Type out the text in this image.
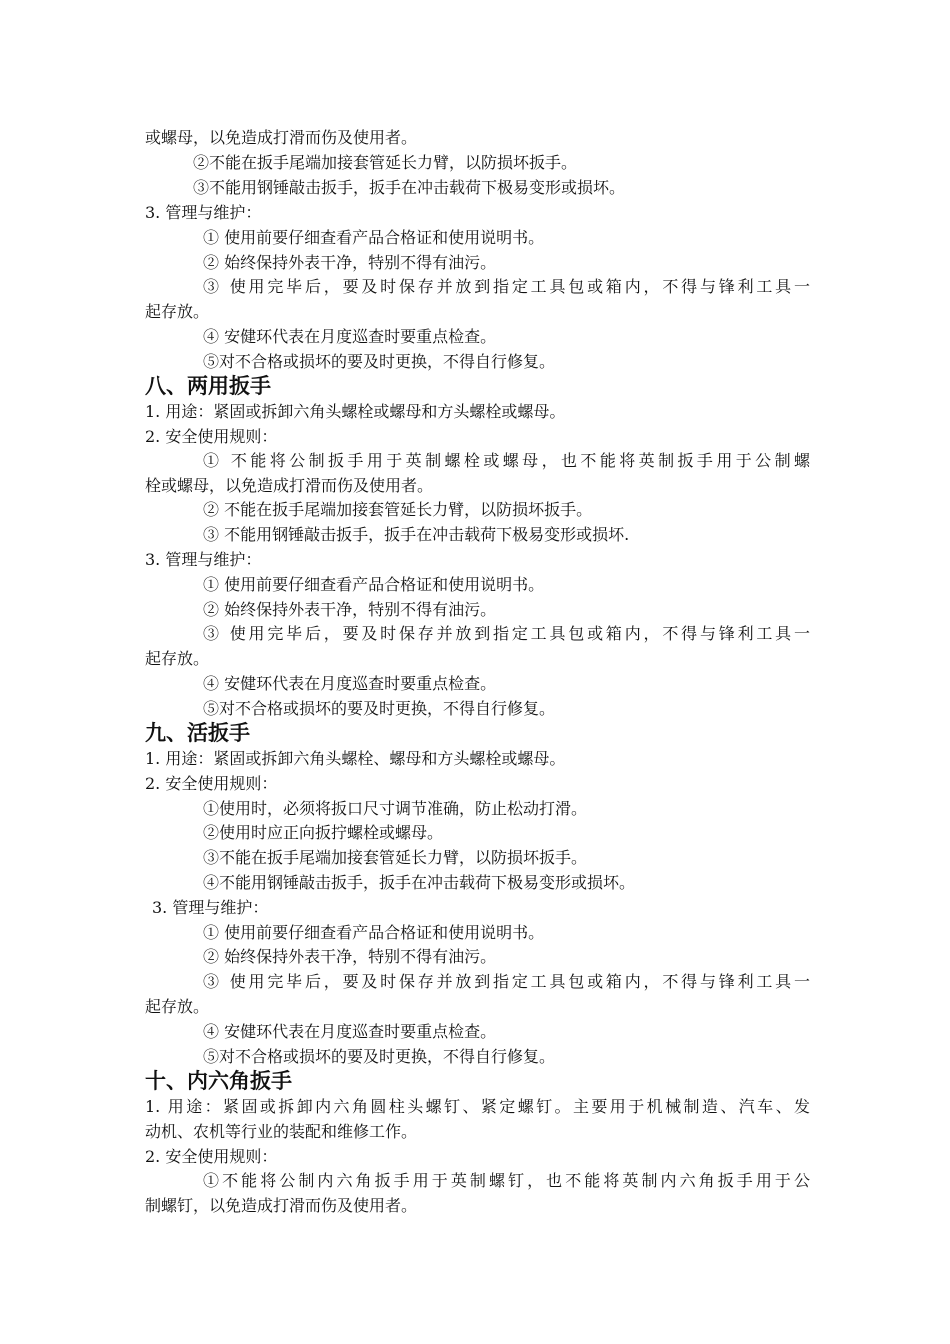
或螺母，以免造成打滑而伤及使用者。
②不能在扳手尾端加接套管延长力臂，以防损坏扳手。
③不能用钢锤敲击扳手，扳手在冲击载荷下极易变形或损坏。
3. 管理与维护：
① 使用前要仔细查看产品合格证和使用说明书。
② 始终保持外表干净，特别不得有油污。
③ 使用完毕后，要及时保存并放到指定工具包或箱内，不得与锋利工具一
起存放。
④ 安健环代表在月度巡查时要重点检查。
⑤对不合格或损坏的要及时更换，不得自行修复。
八、两用扳手
1. 用途：紧固或拆卸六角头螺栓或螺母和方头螺栓或螺母。
2. 安全使用规则：
① 不能将公制扳手用于英制螺栓或螺母，也不能将英制扳手用于公制螺
栓或螺母，以免造成打滑而伤及使用者。
② 不能在扳手尾端加接套管延长力臂，以防损坏扳手。
③ 不能用钢锤敲击扳手，扳手在冲击载荷下极易变形或损坏.
3. 管理与维护：
① 使用前要仔细查看产品合格证和使用说明书。
② 始终保持外表干净，特别不得有油污。
③ 使用完毕后，要及时保存并放到指定工具包或箱内，不得与锋利工具一
起存放。
④ 安健环代表在月度巡查时要重点检查。
⑤对不合格或损坏的要及时更换，不得自行修复。
九、活扳手
1. 用途：紧固或拆卸六角头螺栓、螺母和方头螺栓或螺母。
2. 安全使用规则：
①使用时，必须将扳口尺寸调节准确，防止松动打滑。
②使用时应正向扳拧螺栓或螺母。
③不能在扳手尾端加接套管延长力臂，以防损坏扳手。
④不能用钢锤敲击扳手，扳手在冲击载荷下极易变形或损坏。
3. 管理与维护：
① 使用前要仔细查看产品合格证和使用说明书。
② 始终保持外表干净，特别不得有油污。
③ 使用完毕后，要及时保存并放到指定工具包或箱内，不得与锋利工具一
起存放。
④ 安健环代表在月度巡查时要重点检查。
⑤对不合格或损坏的要及时更换，不得自行修复。
十、内六角扳手
1. 用途：紧固或拆卸内六角圆柱头螺钉、紧定螺钉。主要用于机械制造、汽车、发
动机、农机等行业的装配和维修工作。
2. 安全使用规则：
①不能将公制内六角扳手用于英制螺钉，也不能将英制内六角扳手用于公
制螺钉，以免造成打滑而伤及使用者。
